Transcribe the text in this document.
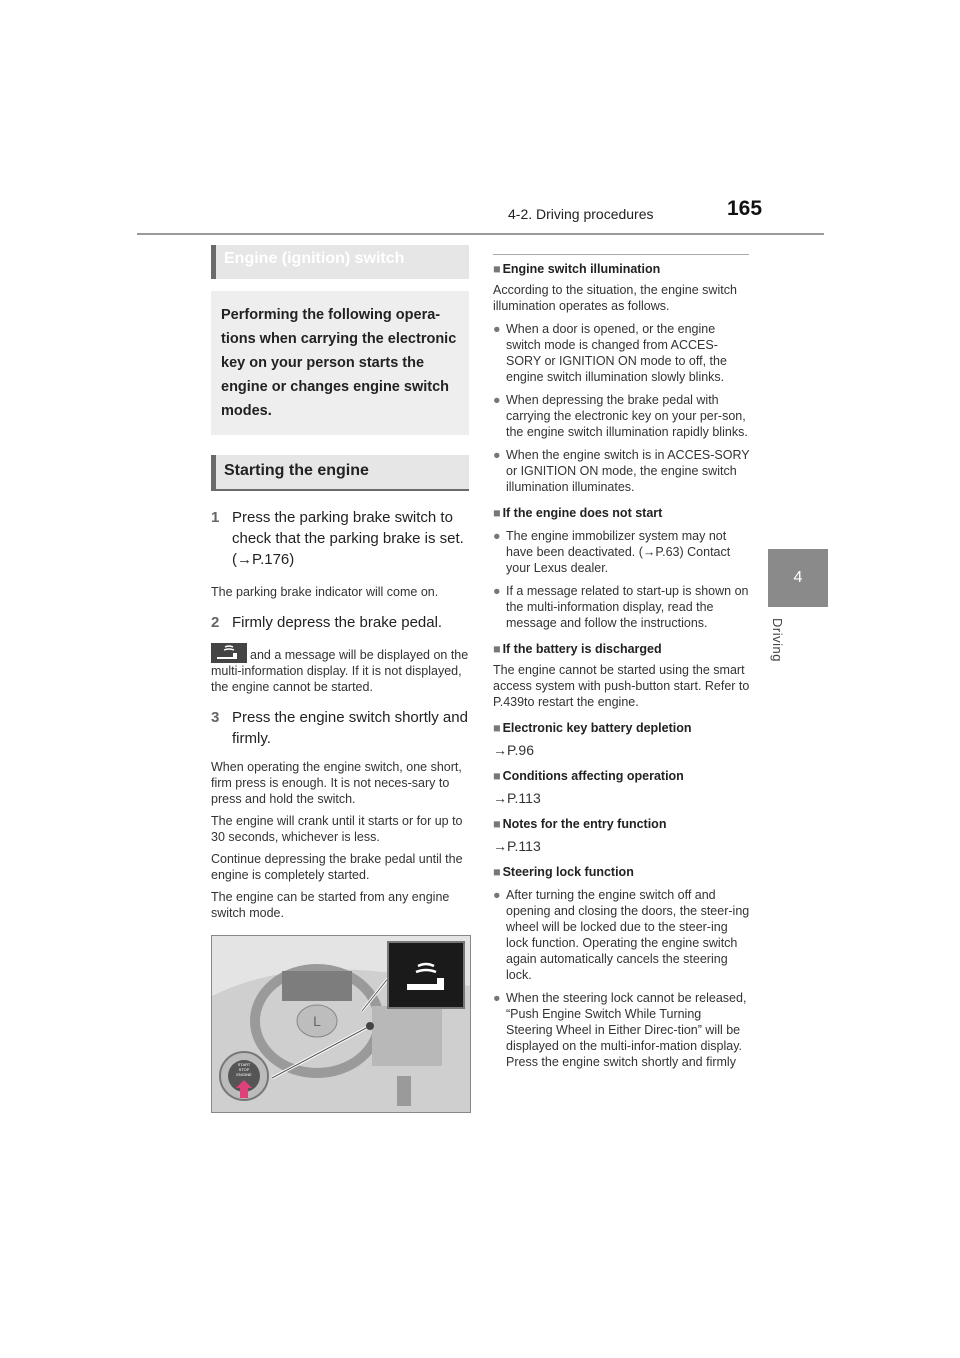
4-2. Driving procedures	165
4
Driving
Engine (ignition) switch
Performing the following opera-
tions when carrying the electronic
key on your person starts the
engine or changes engine switch
modes.
Starting the engine
1 Press the parking brake switch to check that the parking brake is set. (→P.176)
The parking brake indicator will come on.
2 Firmly depress the brake pedal.
and a message will be displayed on the multi-information display. If it is not displayed, the engine cannot be started.
3 Press the engine switch shortly and firmly.
When operating the engine switch, one short, firm press is enough. It is not neces-sary to press and hold the switch.
The engine will crank until it starts or for up to 30 seconds, whichever is less.
Continue depressing the brake pedal until the engine is completely started.
The engine can be started from any engine switch mode.
L
START STOP ENGINE
■ Engine switch illumination
According to the situation, the engine switch illumination operates as follows.
● When a door is opened, or the engine switch mode is changed from ACCES-SORY or IGNITION ON mode to off, the engine switch illumination slowly blinks.
● When depressing the brake pedal with carrying the electronic key on your per-son, the engine switch illumination rapidly blinks.
● When the engine switch is in ACCES-SORY or IGNITION ON mode, the engine switch illumination illuminates.
■ If the engine does not start
● The engine immobilizer system may not have been deactivated. (→P.63) Contact your Lexus dealer.
● If a message related to start-up is shown on the multi-information display, read the message and follow the instructions.
■ If the battery is discharged
The engine cannot be started using the smart access system with push-button start. Refer to P.439to restart the engine.
■ Electronic key battery depletion
→P.96
■ Conditions affecting operation
→P.113
■ Notes for the entry function
→P.113
■ Steering lock function
● After turning the engine switch off and opening and closing the doors, the steer-ing wheel will be locked due to the steer-ing lock function. Operating the engine switch again automatically cancels the steering lock.
● When the steering lock cannot be released, “Push Engine Switch While Turning Steering Wheel in Either Direc-tion” will be displayed on the multi-infor-mation display. Press the engine switch shortly and firmly
